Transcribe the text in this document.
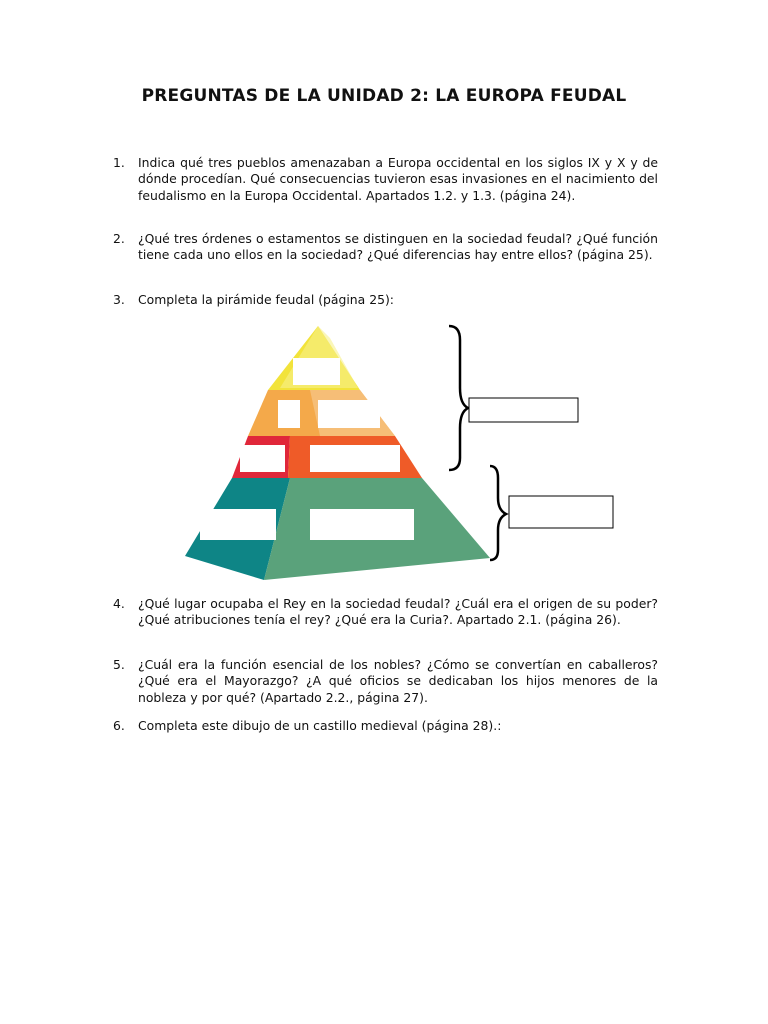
PREGUNTAS DE LA UNIDAD 2: LA EUROPA FEUDAL
1. Indica qué tres pueblos amenazaban a Europa occidental en los siglos IX y X y de dónde procedían. Qué consecuencias tuvieron esas invasiones en el nacimiento del feudalismo en la Europa Occidental. Apartados 1.2. y 1.3. (página 24).
2. ¿Qué tres órdenes o estamentos se distinguen en la sociedad feudal? ¿Qué función tiene cada uno ellos en la sociedad? ¿Qué diferencias hay entre ellos? (página 25).
3. Completa la pirámide feudal (página 25):
4. ¿Qué lugar ocupaba el Rey en la sociedad feudal? ¿Cuál era el origen de su poder? ¿Qué atribuciones tenía el rey? ¿Qué era la Curia?. Apartado 2.1. (página 26).
5. ¿Cuál era la función esencial de los nobles? ¿Cómo se convertían en caballeros? ¿Qué era el Mayorazgo? ¿A qué oficios se dedicaban los hijos menores de la nobleza y por qué? (Apartado 2.2., página 27).
6. Completa este dibujo de un castillo medieval (página 28).:
